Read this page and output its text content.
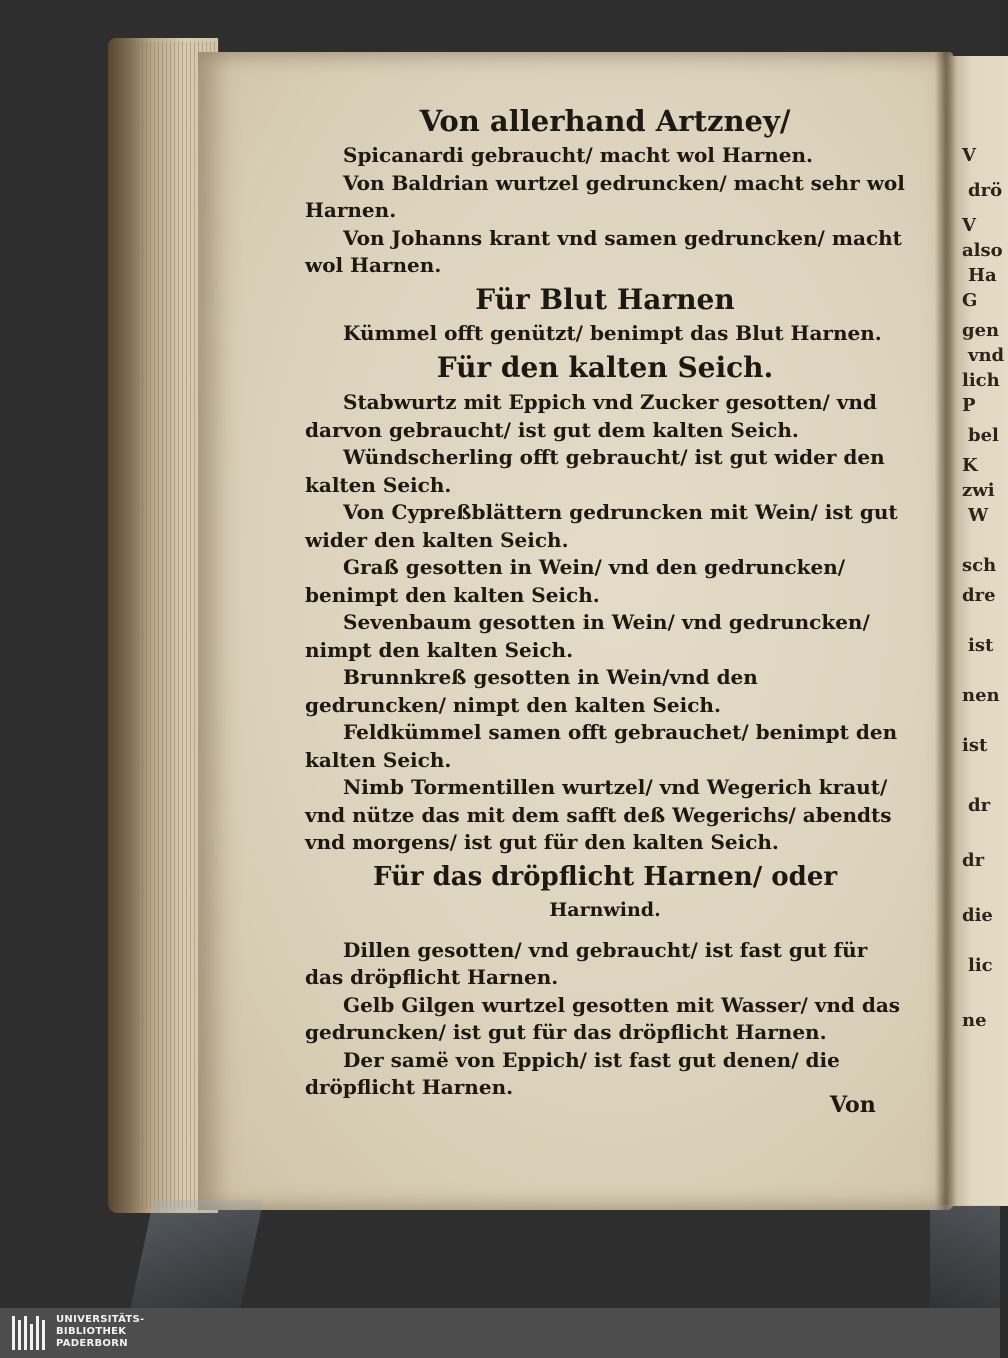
Von allerhand Artzney/

Spicanardi gebraucht/ macht wol Harnen.

Von Baldrian wurtzel gedruncken/ macht sehr wol Harnen.

Von Johanns krant vnd samen gedruncken/ macht wol Harnen.

Für Blut Harnen

Kümmel offt genützt/ benimpt das Blut Harnen.

Für den kalten Seich.

Stabwurtz mit Eppich vnd Zucker gesotten/ vnd darvon gebraucht/ ist gut dem kalten Seich.

Wündscherling offt gebraucht/ ist gut wider den kalten Seich.

Von Cypreßblättern gedruncken mit Wein/ ist gut wider den kalten Seich.

Graß gesotten in Wein/ vnd den gedruncken/ benimpt den kalten Seich.

Sevenbaum gesotten in Wein/ vnd gedruncken/ nimpt den kalten Seich.

Brunnkreß gesotten in Wein/vnd den gedruncken/ nimpt den kalten Seich.

Feldkümmel samen offt gebrauchet/ benimpt den kalten Seich.

Nimb Tormentillen wurtzel/ vnd Wegerich kraut/ vnd nütze das mit dem safft deß Wegerichs/ abendts vnd morgens/ ist gut für den kalten Seich.

Für das dröpflicht Harnen/ oder
Harnwind.

Dillen gesotten/ vnd gebraucht/ ist fast gut für das dröpflicht Harnen.

Gelb Gilgen wurtzel gesotten mit Wasser/ vnd das gedruncken/ ist gut für das dröpflicht Harnen.

Der samë von Eppich/ ist fast gut denen/ die dröpflicht Harnen.

Von
UNIVERSITÄTS-
BIBLIOTHEK
PADERBORN
V
drö
V
also
Ha
G
gen
vnd
lich
P
bel
K
zwi
W
sch
dre
ist
nen
ist
dr
dr
die
lic
ne
